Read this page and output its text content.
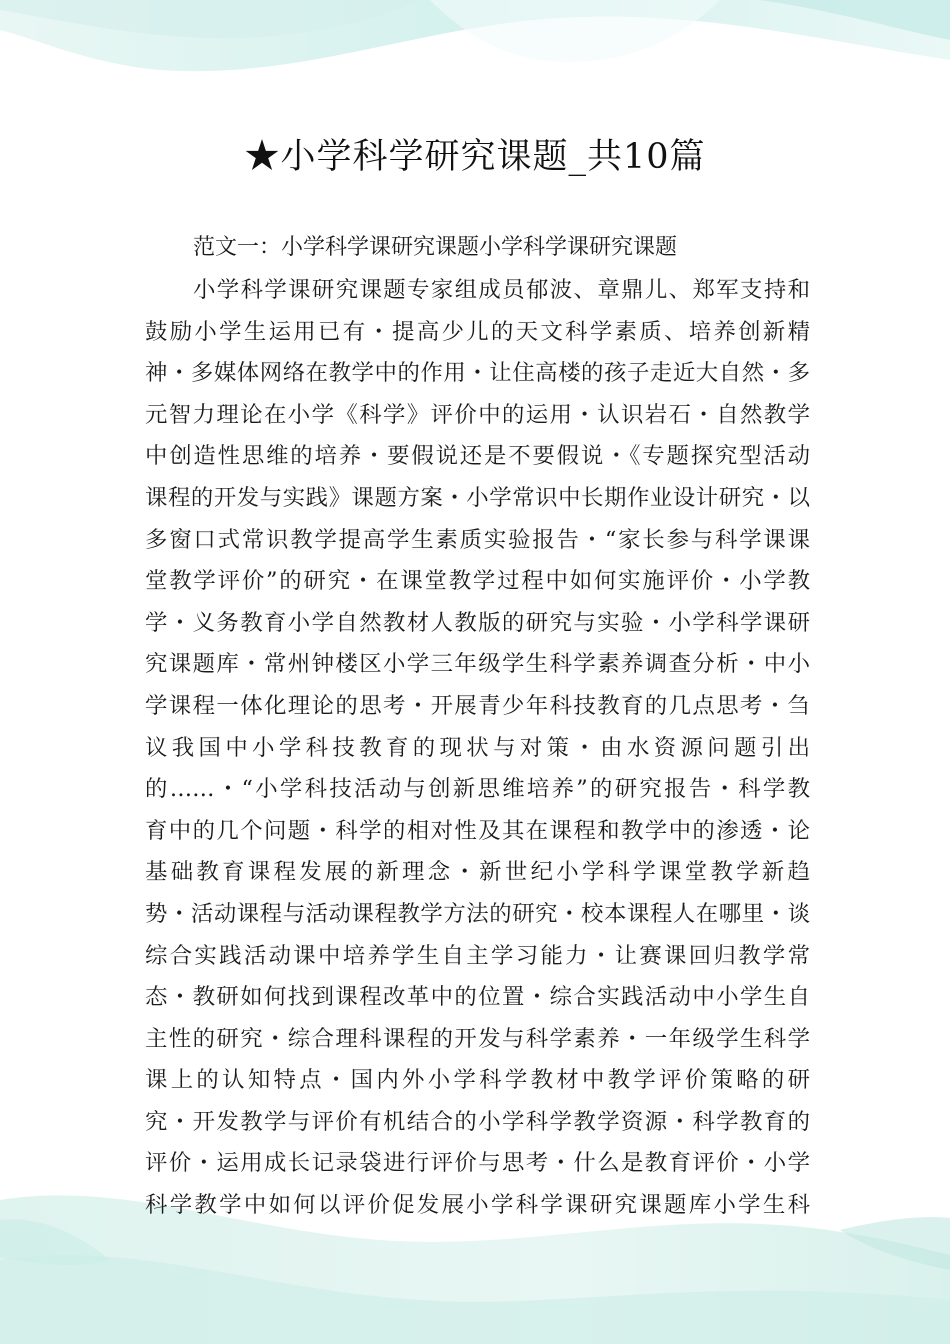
★小学科学研究课题_共10篇
范文一：小学科学课研究课题小学科学课研究课题
小学科学课研究课题专家组成员郁波、章鼎儿、郑军支持和
鼓励小学生运用已有・提高少儿的天文科学素质、培养创新精
神・多媒体网络在教学中的作用・让住高楼的孩子走近大自然・多
元智力理论在小学《科学》评价中的运用・认识岩石・自然教学
中创造性思维的培养・要假说还是不要假说・《专题探究型活动
课程的开发与实践》课题方案・小学常识中长期作业设计研究・以
多窗口式常识教学提高学生素质实验报告・“家长参与科学课课
堂教学评价”的研究・在课堂教学过程中如何实施评价・小学教
学・义务教育小学自然教材人教版的研究与实验・小学科学课研
究课题库・常州钟楼区小学三年级学生科学素养调查分析・中小
学课程一体化理论的思考・开展青少年科技教育的几点思考・刍
议我国中小学科技教育的现状与对策・由水资源问题引出
的……・“小学科技活动与创新思维培养”的研究报告・科学教
育中的几个问题・科学的相对性及其在课程和教学中的渗透・论
基础教育课程发展的新理念・新世纪小学科学课堂教学新趋
势・活动课程与活动课程教学方法的研究・校本课程人在哪里・谈
综合实践活动课中培养学生自主学习能力・让赛课回归教学常
态・教研如何找到课程改革中的位置・综合实践活动中小学生自
主性的研究・综合理科课程的开发与科学素养・一年级学生科学
课上的认知特点・国内外小学科学教材中教学评价策略的研
究・开发教学与评价有机结合的小学科学教学资源・科学教育的
评价・运用成长记录袋进行评价与思考・什么是教育评价・小学
科学教学中如何以评价促发展小学科学课研究课题库小学生科
